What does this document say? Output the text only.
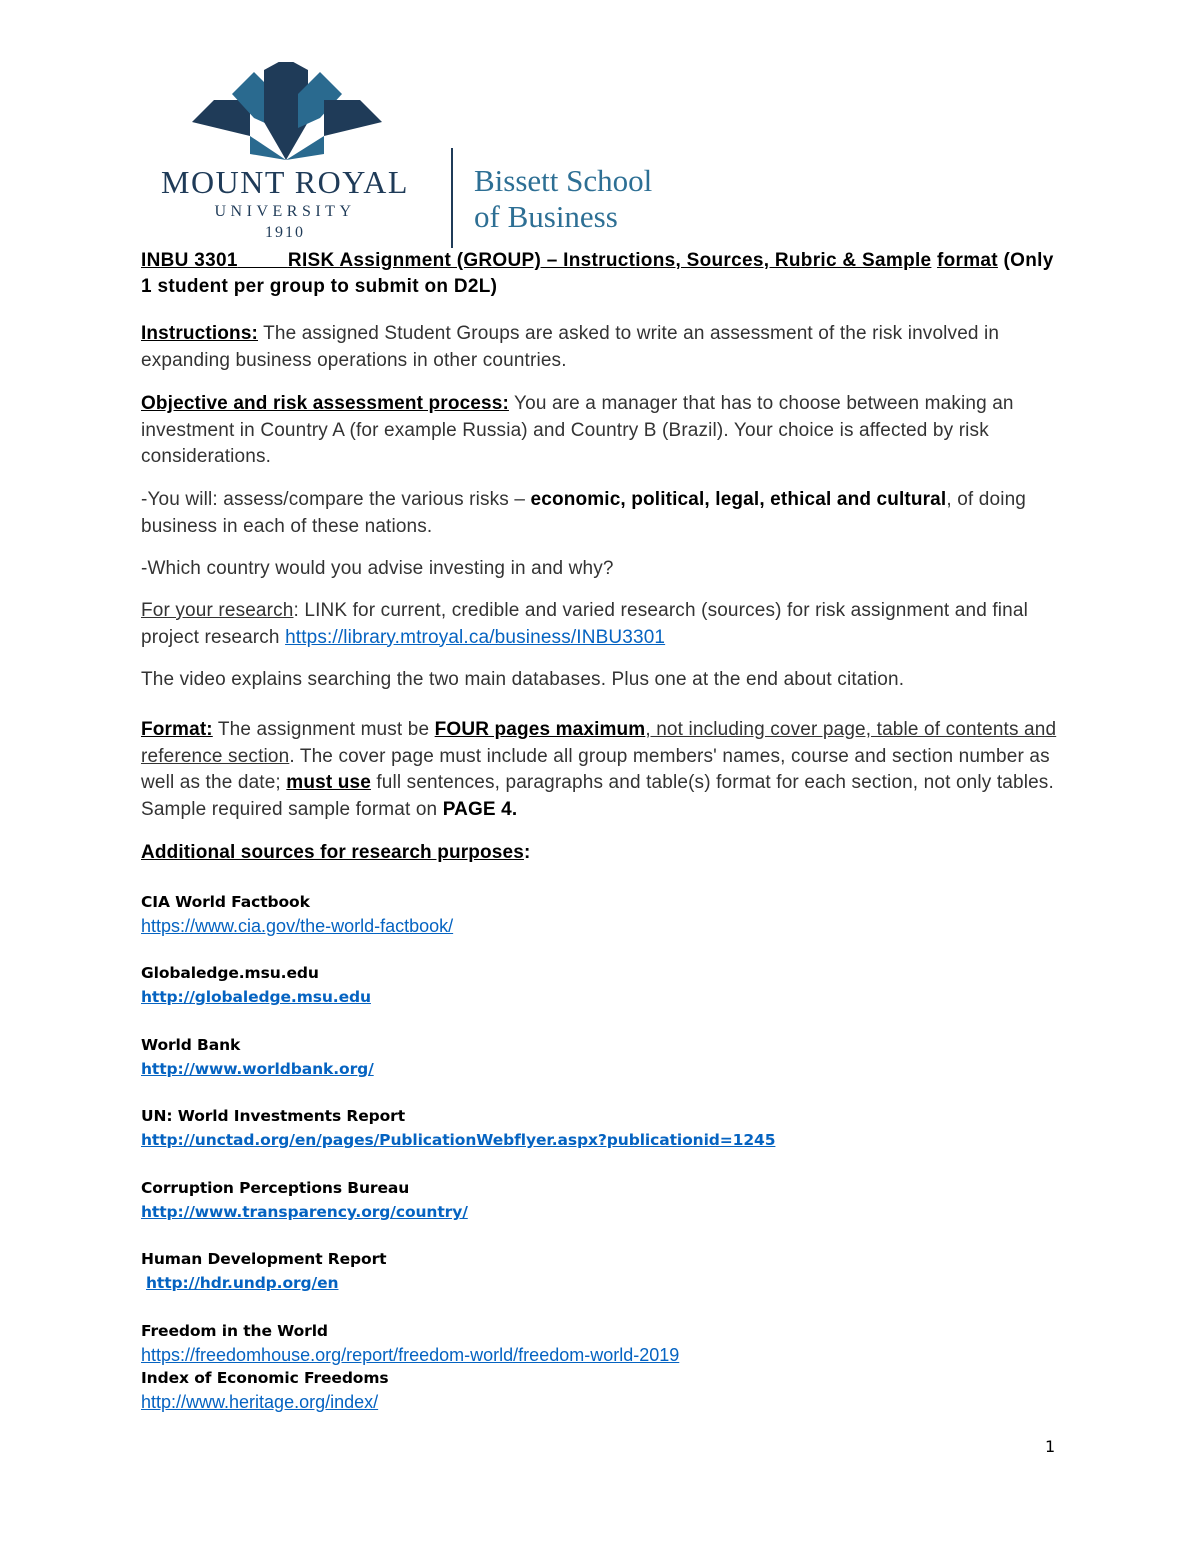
MOUNT ROYAL
UNIVERSITY
1910
Bissett School
of Business
INBU 3301	RISK Assignment (GROUP) – Instructions, Sources, Rubric & Sample format (Only 1 student per group to submit on D2L)
Instructions: The assigned Student Groups are asked to write an assessment of the risk involved in expanding business operations in other countries.
Objective and risk assessment process: You are a manager that has to choose between making an investment in Country A (for example Russia) and Country B (Brazil). Your choice is affected by risk considerations.
-You will: assess/compare the various risks – economic, political, legal, ethical and cultural, of doing business in each of these nations.
-Which country would you advise investing in and why?
For your research: LINK for current, credible and varied research (sources) for risk assignment and final project research https://library.mtroyal.ca/business/INBU3301
The video explains searching the two main databases. Plus one at the end about citation.
Format: The assignment must be FOUR pages maximum, not including cover page, table of contents and reference section. The cover page must include all group members' names, course and section number as well as the date; must use full sentences, paragraphs and table(s) format for each section, not only tables. Sample required sample format on PAGE 4.
Additional sources for research purposes:
CIA World Factbook
https://www.cia.gov/the-world-factbook/
Globaledge.msu.edu
http://globaledge.msu.edu
World Bank
http://www.worldbank.org/
UN: World Investments Report
http://unctad.org/en/pages/PublicationWebflyer.aspx?publicationid=1245
Corruption Perceptions Bureau
http://www.transparency.org/country/
Human Development Report
http://hdr.undp.org/en
Freedom in the World
https://freedomhouse.org/report/freedom-world/freedom-world-2019
Index of Economic Freedoms
http://www.heritage.org/index/
1
